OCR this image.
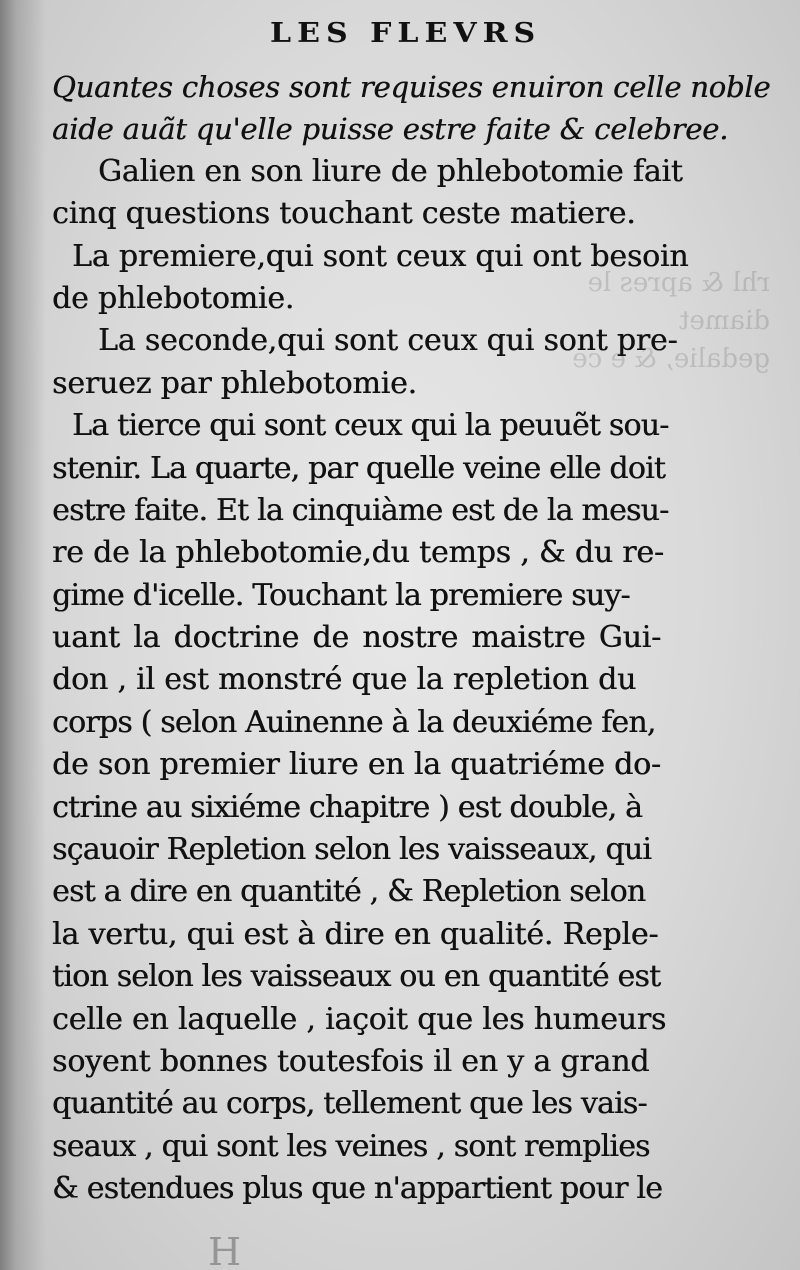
LES FLEVRS
rhl & apres le diamet
gedalie, & e ce
Quantes choses sont requises enuiron celle noble
aide auãt qu'elle puisse estre faite & celebree.
Galien en son liure de phlebotomie fait
cinq questions touchant ceste matiere.
La premiere,qui sont ceux qui ont besoin
de phlebotomie.
La seconde,qui sont ceux qui sont pre-
seruez par phlebotomie.
La tierce qui sont ceux qui la peuuẽt sou-
stenir. La quarte, par quelle veine elle doit
estre faite. Et la cinquiàme est de la mesu-
re de la phlebotomie,du temps , & du re-
gime d'icelle. Touchant la premiere suy-
uant la doctrine de nostre maistre Gui-
don , il est monstré que la repletion du
corps ( selon Auinenne à la deuxiéme fen,
de son premier liure en la quatriéme do-
ctrine au sixiéme chapitre ) est double, à
sçauoir Repletion selon les vaisseaux, qui
est a dire en quantité , & Repletion selon
la vertu, qui est à dire en qualité. Reple-
tion selon les vaisseaux ou en quantité est
celle en laquelle , iaçoit que les humeurs
soyent bonnes toutesfois il en y a grand
quantité au corps, tellement que les vais-
seaux , qui sont les veines , sont remplies
& estendues plus que n'appartient pour le
H
